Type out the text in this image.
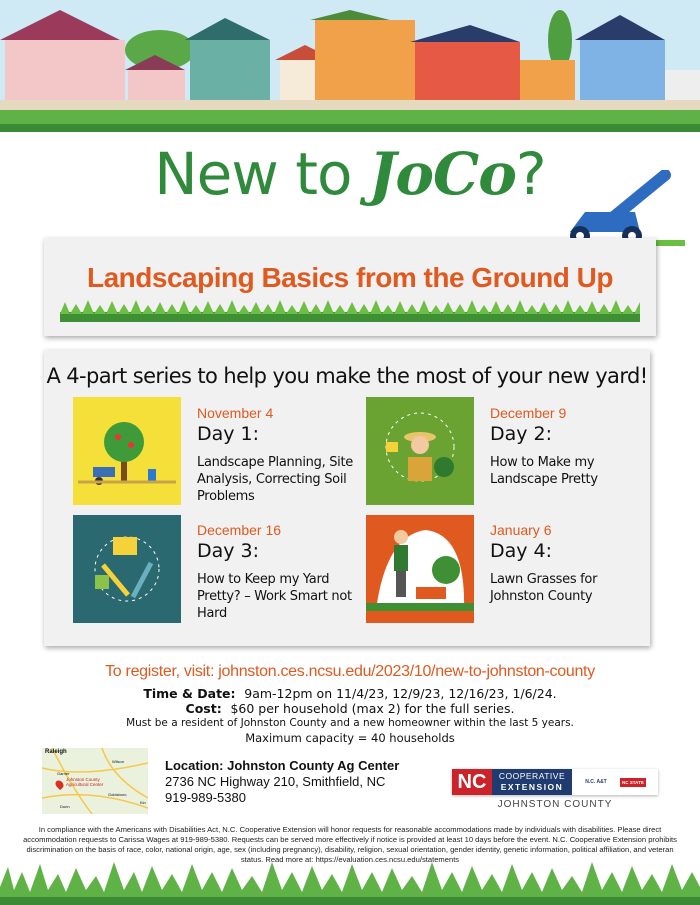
New to JoCo?
Landscaping Basics from the Ground Up
A 4-part series to help you make the most of your new yard!
November 4
Day 1:
Landscape Planning, Site Analysis, Correcting Soil Problems
December 9
Day 2:
How to Make my Landscape Pretty
December 16
Day 3:
How to Keep my Yard Pretty? – Work Smart not Hard
January 6
Day 4:
Lawn Grasses for Johnston County
To register, visit: johnston.ces.ncsu.edu/2023/10/new-to-johnston-county
Time & Date: 9am-12pm on 11/4/23, 12/9/23, 12/16/23, 1/6/24.
Cost: $60 per household (max 2) for the full series.
Must be a resident of Johnston County and a new homeowner within the last 5 years.
Maximum capacity = 40 households
Raleigh
Wilson
Garner
Johnston County Agricultural Center
Goldsboro
Dunn
Kin
Location: Johnston County Ag Center
2736 NC Highway 210, Smithfield, NC
919-989-5380
NC	COOPERATIVE
EXTENSION	N.C. A&T	NC STATE
JOHNSTON COUNTY
In compliance with the Americans with Disabilities Act, N.C. Cooperative Extension will honor requests for reasonable accommodations made by individuals with disabilities. Please direct accommodation requests to Carissa Wages at 919-989-5380. Requests can be served more effectively if notice is provided at least 10 days before the event. N.C. Cooperative Extension prohibits discrimination on the basis of race, color, national origin, age, sex (including pregnancy), disability, religion, sexual orientation, gender identity, genetic information, political affiliation, and veteran status. Read more at: https://evaluation.ces.ncsu.edu/statements
